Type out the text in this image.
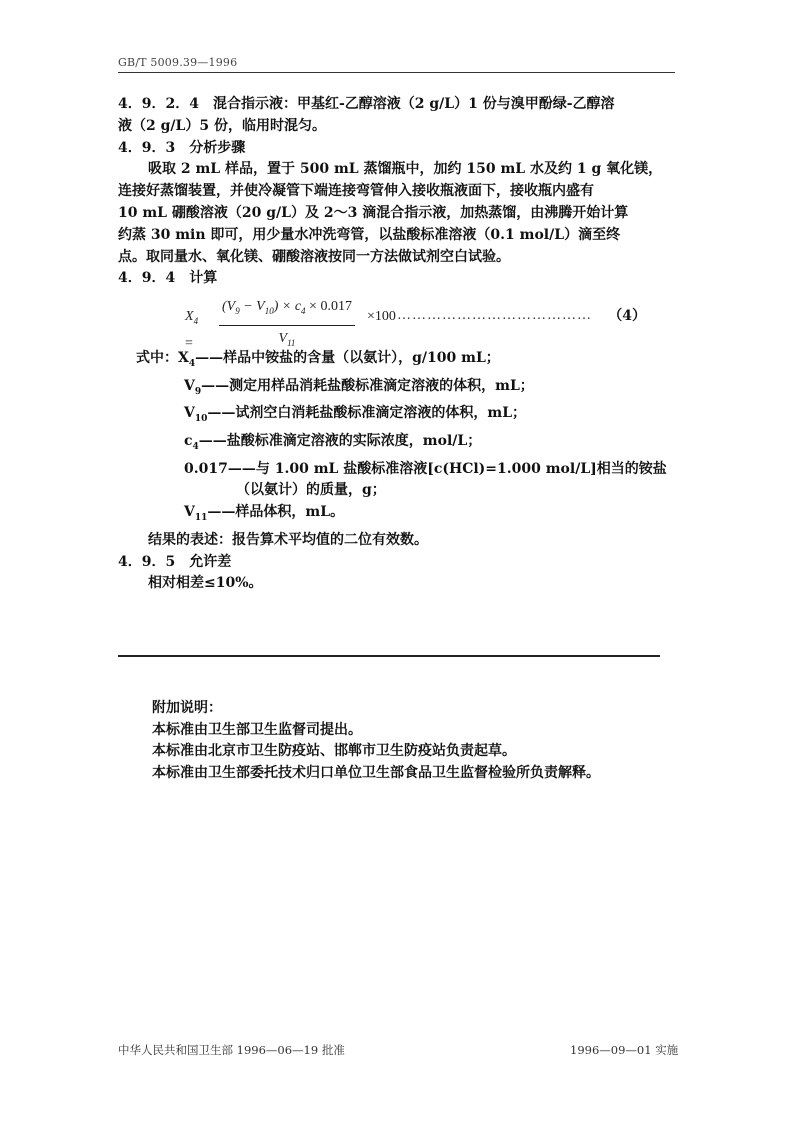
GB/T 5009.39—1996

4．9．2．4　混合指示液：甲基红-乙醇溶液（2 g/L）1 份与溴甲酚绿-乙醇溶

液（2 g/L）5 份，临用时混匀。

4．9．3　分析步骤

吸取 2 mL 样品，置于 500 mL 蒸馏瓶中，加约 150 mL 水及约 1 g 氧化镁，

连接好蒸馏装置，并使冷凝管下端连接弯管伸入接收瓶液面下，接收瓶内盛有

10 mL 硼酸溶液（20 g/L）及 2～3 滴混合指示液，加热蒸馏，由沸腾开始计算

约蒸 30 min 即可，用少量水冲洗弯管，以盐酸标准溶液（0.1 mol/L）滴至终

点。取同量水、氧化镁、硼酸溶液按同一方法做试剂空白试验。

4．9．4　计算

$X_4$ =	$\frac{(V_9 - V_{10}) \times c_4 \times 0.017}{V_{11}} \times 100$ …………………………………	（4）

式中：$X_4——$样品中铵盐的含量（以氨计），g/100 mL；

$V_9——$测定用样品消耗盐酸标准滴定溶液的体积，mL；

$V_{10}——$试剂空白消耗盐酸标准滴定溶液的体积，mL；

$c_4——$盐酸标准滴定溶液的实际浓度，mol/L；

0.017——与 1.00 mL 盐酸标准溶液[c(HCl)=1.000 mol/L]相当的铵盐

（以氨计）的质量，g；

$V_{11}——$样品体积，mL。

结果的表述：报告算术平均值的二位有效数。

4．9．5　允许差

相对相差≤10%。

附加说明：
本标准由卫生部卫生监督司提出。
本标准由北京市卫生防疫站、邯郸市卫生防疫站负责起草。
本标准由卫生部委托技术归口单位卫生部食品卫生监督检验所负责解释。
中华人民共和国卫生部 1996—06—19 批准	1996—09—01 实施
